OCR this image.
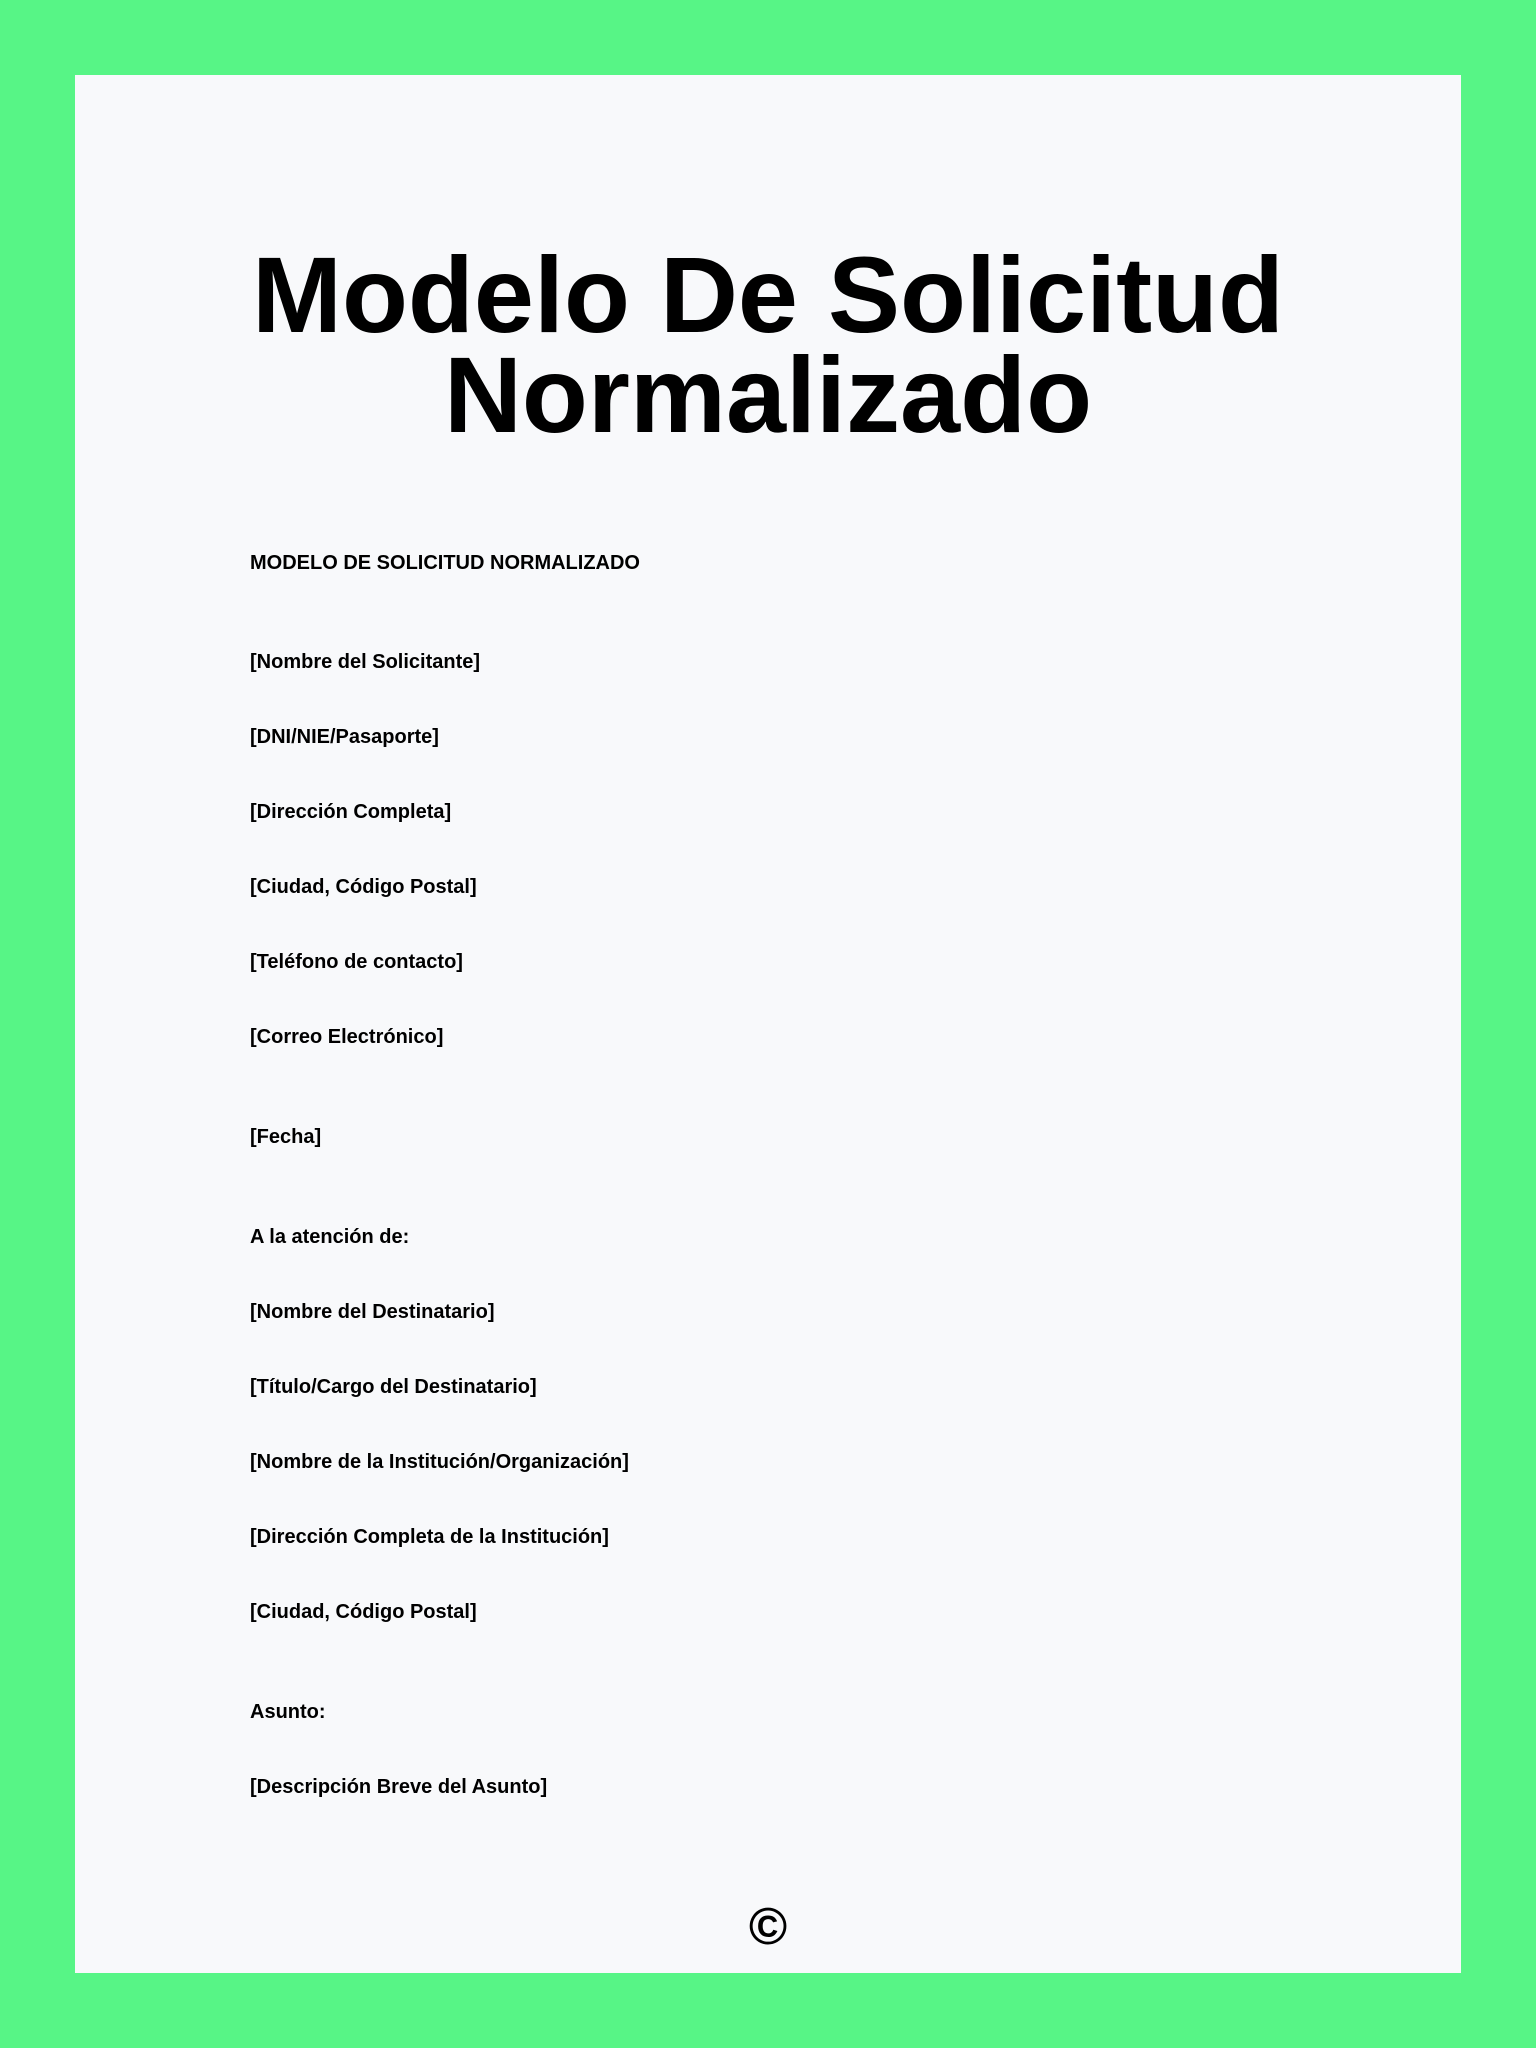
Modelo De Solicitud
Normalizado

MODELO DE SOLICITUD NORMALIZADO

[Nombre del Solicitante]

[DNI/NIE/Pasaporte]

[Dirección Completa]

[Ciudad, Código Postal]

[Teléfono de contacto]

[Correo Electrónico]

[Fecha]

A la atención de:

[Nombre del Destinatario]

[Título/Cargo del Destinatario]

[Nombre de la Institución/Organización]

[Dirección Completa de la Institución]

[Ciudad, Código Postal]

Asunto:

[Descripción Breve del Asunto]

©
